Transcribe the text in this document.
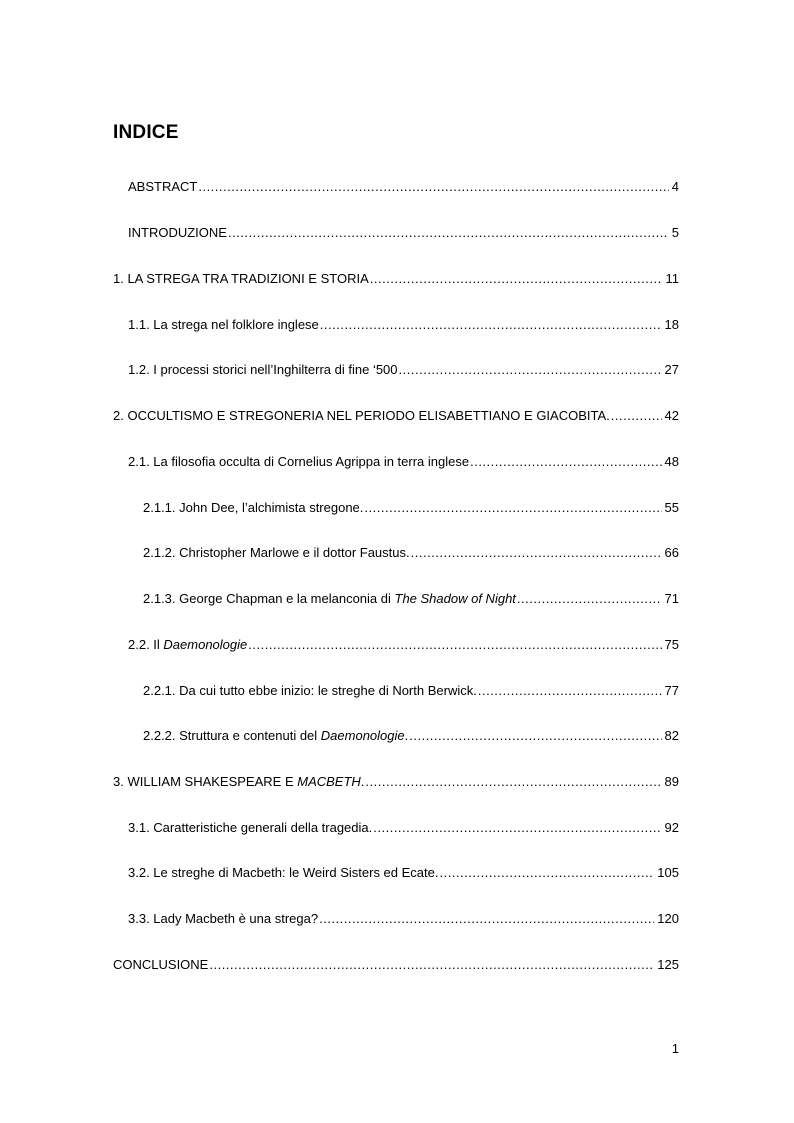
INDICE
ABSTRACT .....	4
INTRODUZIONE .....	5
1. LA STREGA TRA TRADIZIONI E STORIA .....	11
1.1. La strega nel folklore inglese .....	18
1.2. I processi storici nell’Inghilterra di fine ‘500 .....	27
2. OCCULTISMO E STREGONERIA NEL PERIODO ELISABETTIANO E GIACOBITA. .....	42
2.1. La filosofia occulta di Cornelius Agrippa in terra inglese .....	48
2.1.1. John Dee, l’alchimista stregone. .....	55
2.1.2. Christopher Marlowe e il dottor Faustus. .....	66
2.1.3. George Chapman e la melanconia di The Shadow of Night .....	71
2.2. Il Daemonologie .....	75
2.2.1. Da cui tutto ebbe inizio: le streghe di North Berwick. .....	77
2.2.2. Struttura e contenuti del Daemonologie. .....	82
3. WILLIAM SHAKESPEARE E MACBETH. .....	89
3.1. Caratteristiche generali della tragedia. .....	92
3.2. Le streghe di Macbeth: le Weird Sisters ed Ecate. .....	105
3.3. Lady Macbeth è una strega? .....	120
CONCLUSIONE .....	125
1
